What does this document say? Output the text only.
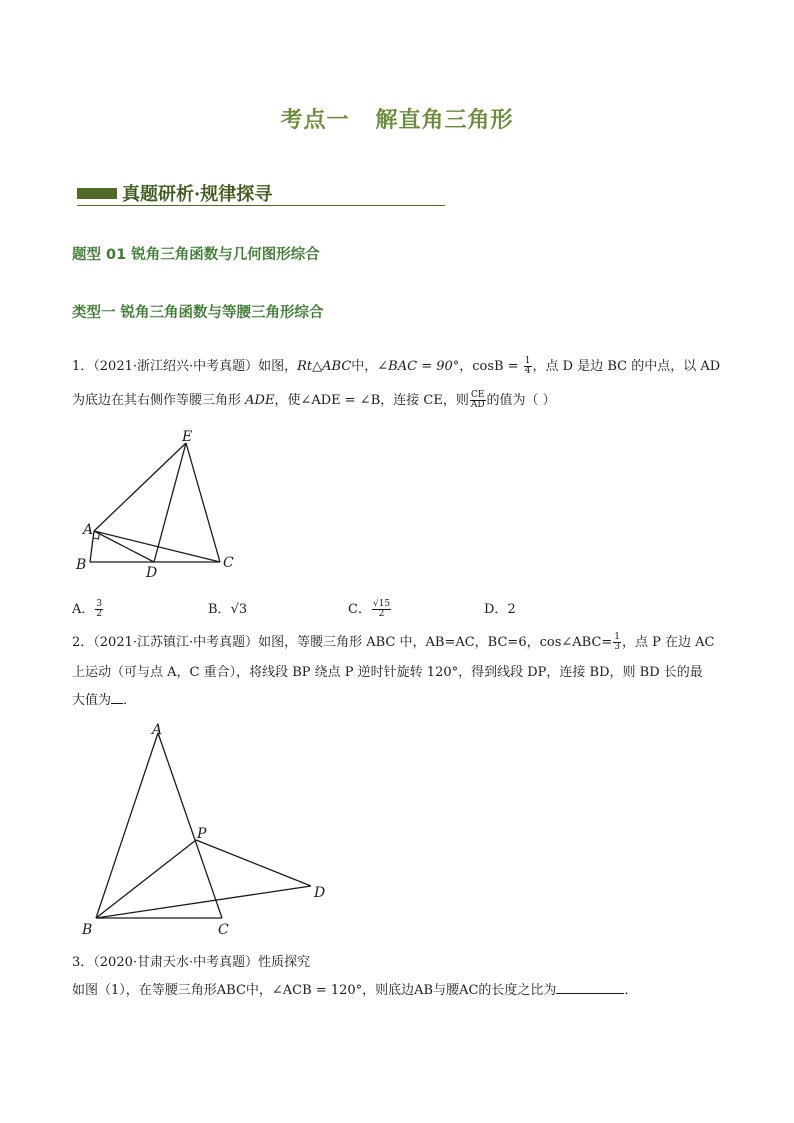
考点一 解直角三角形
真题研析·规律探寻
题型 01 锐角三角函数与几何图形综合
类型一 锐角三角函数与等腰三角形综合
1．（2021·浙江绍兴·中考真题）如图，Rt△ABC中，∠BAC = 90°，$\cos B = \frac{1}{4}$ ，点 D 是边 BC 的中点，以 AD
为底边在其右侧作等腰三角形 ADE，使∠ADE = ∠B，连接 CE，则 $\frac{CE}{AD}$ 的值为（ ）
A
B	C
D
E
A． $\frac{3}{2}$	B．√3	C． $\frac{√15}{2}$	D．2
2．（2021·江苏镇江·中考真题）如图，等腰三角形 ABC 中，AB=AC，BC=6，cos∠ABC= $\frac{1}{3}$ ，点 P 在边 AC
上运动（可与点 A，C 重合），将线段 BP 绕点 P 逆时针旋转 120°，得到线段 DP，连接 BD，则 BD 长的最
大值为 ．
A
B	C
D
P
3．（2020·甘肃天水·中考真题）性质探究
如图（1），在等腰三角形ABC中，∠ACB = 120°，则底边AB与腰AC的长度之比为	．
